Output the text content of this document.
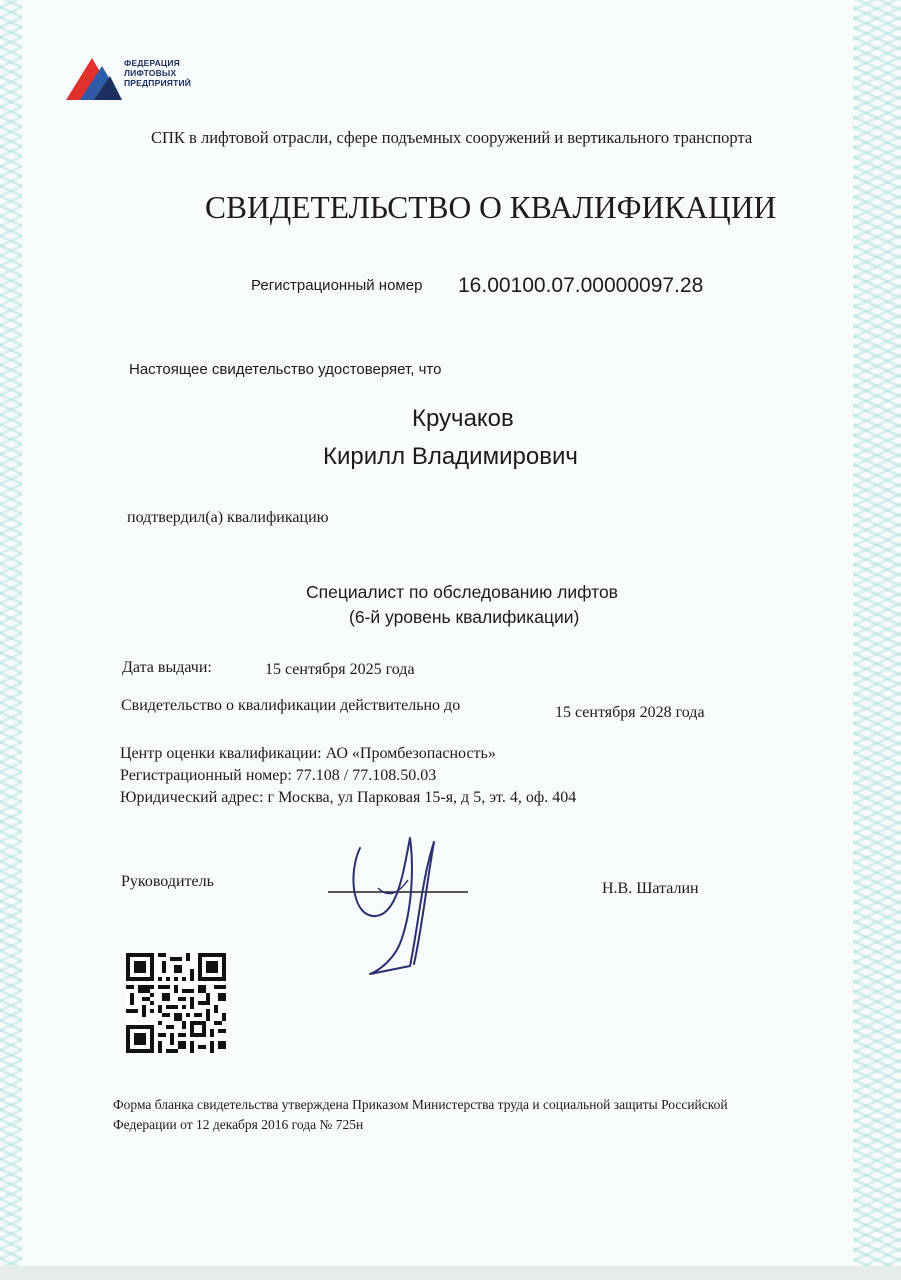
ФЕДЕРАЦИЯ
ЛИФТОВЫХ
ПРЕДПРИЯТИЙ
СПК в лифтовой отрасли, сфере подъемных сооружений и вертикального транспорта
СВИДЕТЕЛЬСТВО О КВАЛИФИКАЦИИ
Регистрационный номер 16.00100.07.00000097.28
Настоящее свидетельство удостоверяет, что
Кручаков
Кирилл Владимирович
подтвердил(а) квалификацию
Специалист по обследованию лифтов
(6-й уровень квалификации)
Дата выдачи:	15 сентября 2025 года
Свидетельство о квалификации действительно до	15 сентября 2028 года
Центр оценки квалификации: АО «Промбезопасность»
Регистрационный номер: 77.108 / 77.108.50.03
Юридический адрес: г Москва, ул Парковая 15-я, д 5, эт. 4, оф. 404
Руководитель	Н.В. Шаталин
Форма бланка свидетельства утверждена Приказом Министерства труда и социальной защиты Российской
Федерации от 12 декабря 2016 года № 725н
